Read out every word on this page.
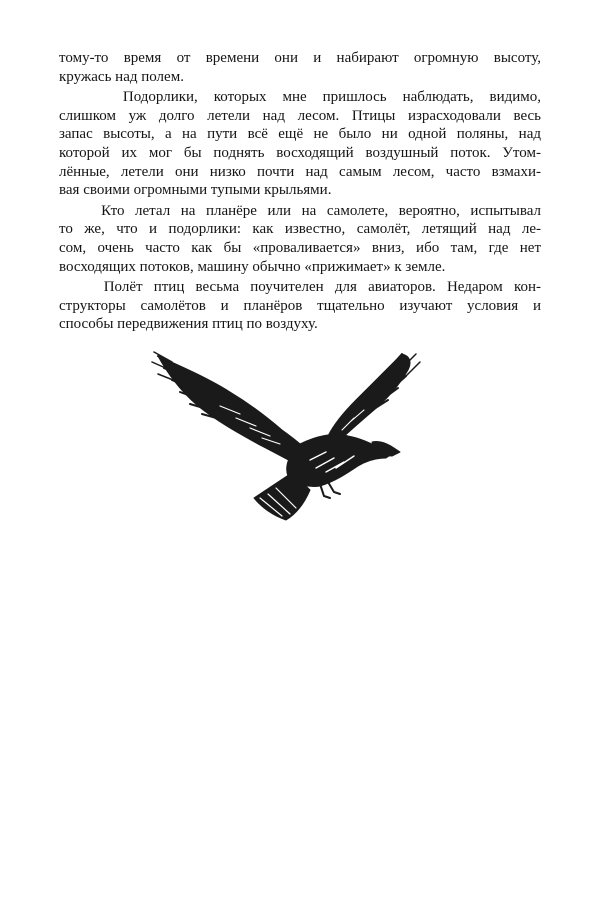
тому-то время от времени они и набирают огромную высоту,
кружась над полем.
Подорлики, которых мне пришлось наблюдать, видимо,
слишком уж долго летели над лесом. Птицы израсходовали весь
запас высоты, а на пути всё ещё не было ни одной поляны, над
которой их мог бы поднять восходящий воздушный поток. Утом-
лённые, летели они низко почти над самым лесом, часто взмахи-
вая своими огромными тупыми крыльями.
Кто летал на планёре или на самолете, вероятно, испытывал
то же, что и подорлики: как известно, самолёт, летящий над ле-
сом, очень часто как бы «проваливается» вниз, ибо там, где нет
восходящих потоков, машину обычно «прижимает» к земле.
Полёт птиц весьма поучителен для авиаторов. Недаром кон-
структоры самолётов и планёров тщательно изучают условия и
способы передвижения птиц по воздуху.
